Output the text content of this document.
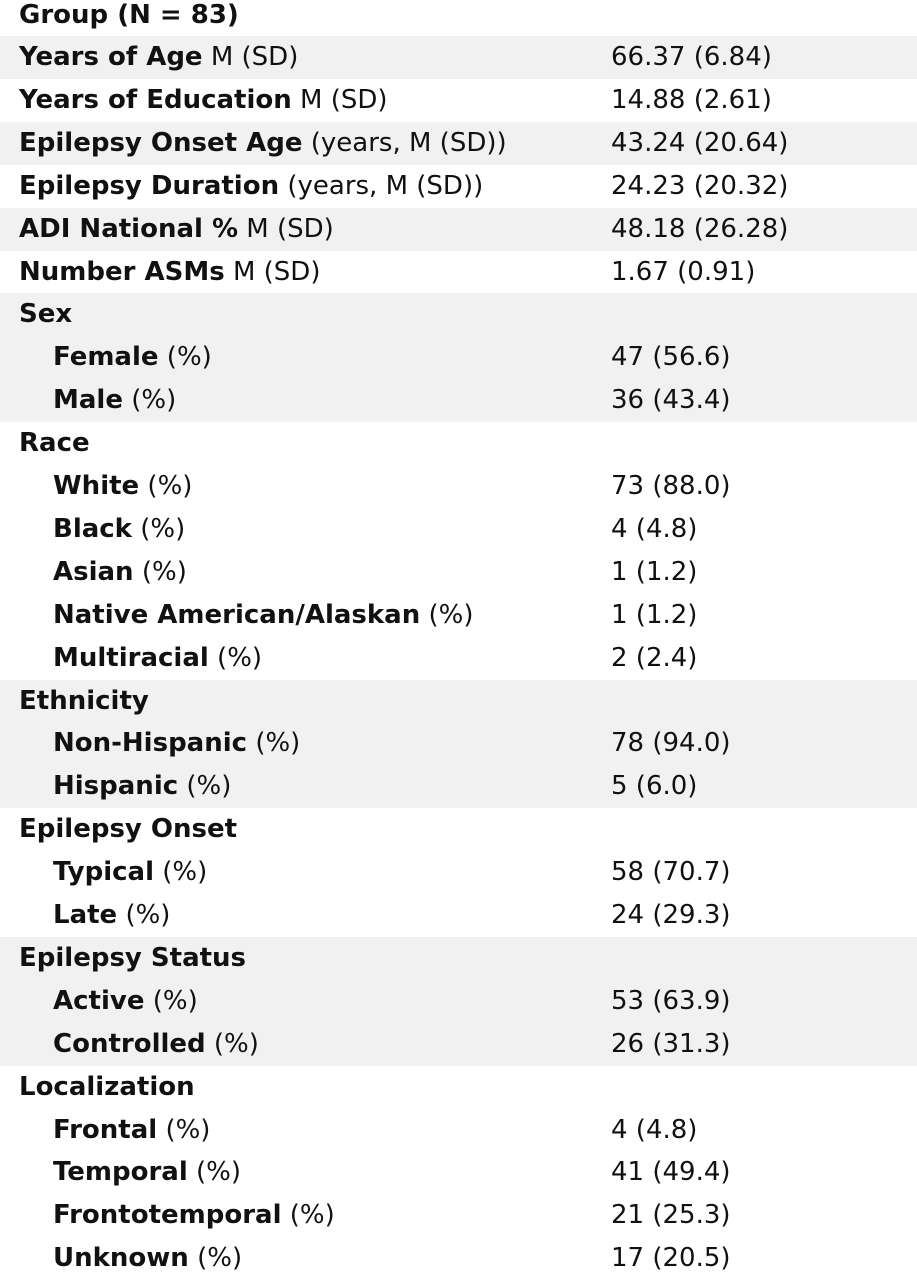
Group (N = 83)
Years of Age M (SD)	66.37 (6.84)
Years of Education M (SD)	14.88 (2.61)
Epilepsy Onset Age (years, M (SD))	43.24 (20.64)
Epilepsy Duration (years, M (SD))	24.23 (20.32)
ADI National % M (SD)	48.18 (26.28)
Number ASMs M (SD)	1.67 (0.91)
Sex
Female (%)	47 (56.6)
Male (%)	36 (43.4)
Race
White (%)	73 (88.0)
Black (%)	4 (4.8)
Asian (%)	1 (1.2)
Native American/Alaskan (%)	1 (1.2)
Multiracial (%)	2 (2.4)
Ethnicity
Non-Hispanic (%)	78 (94.0)
Hispanic (%)	5 (6.0)
Epilepsy Onset
Typical (%)	58 (70.7)
Late (%)	24 (29.3)
Epilepsy Status
Active (%)	53 (63.9)
Controlled (%)	26 (31.3)
Localization
Frontal (%)	4 (4.8)
Temporal (%)	41 (49.4)
Frontotemporal (%)	21 (25.3)
Unknown (%)	17 (20.5)
